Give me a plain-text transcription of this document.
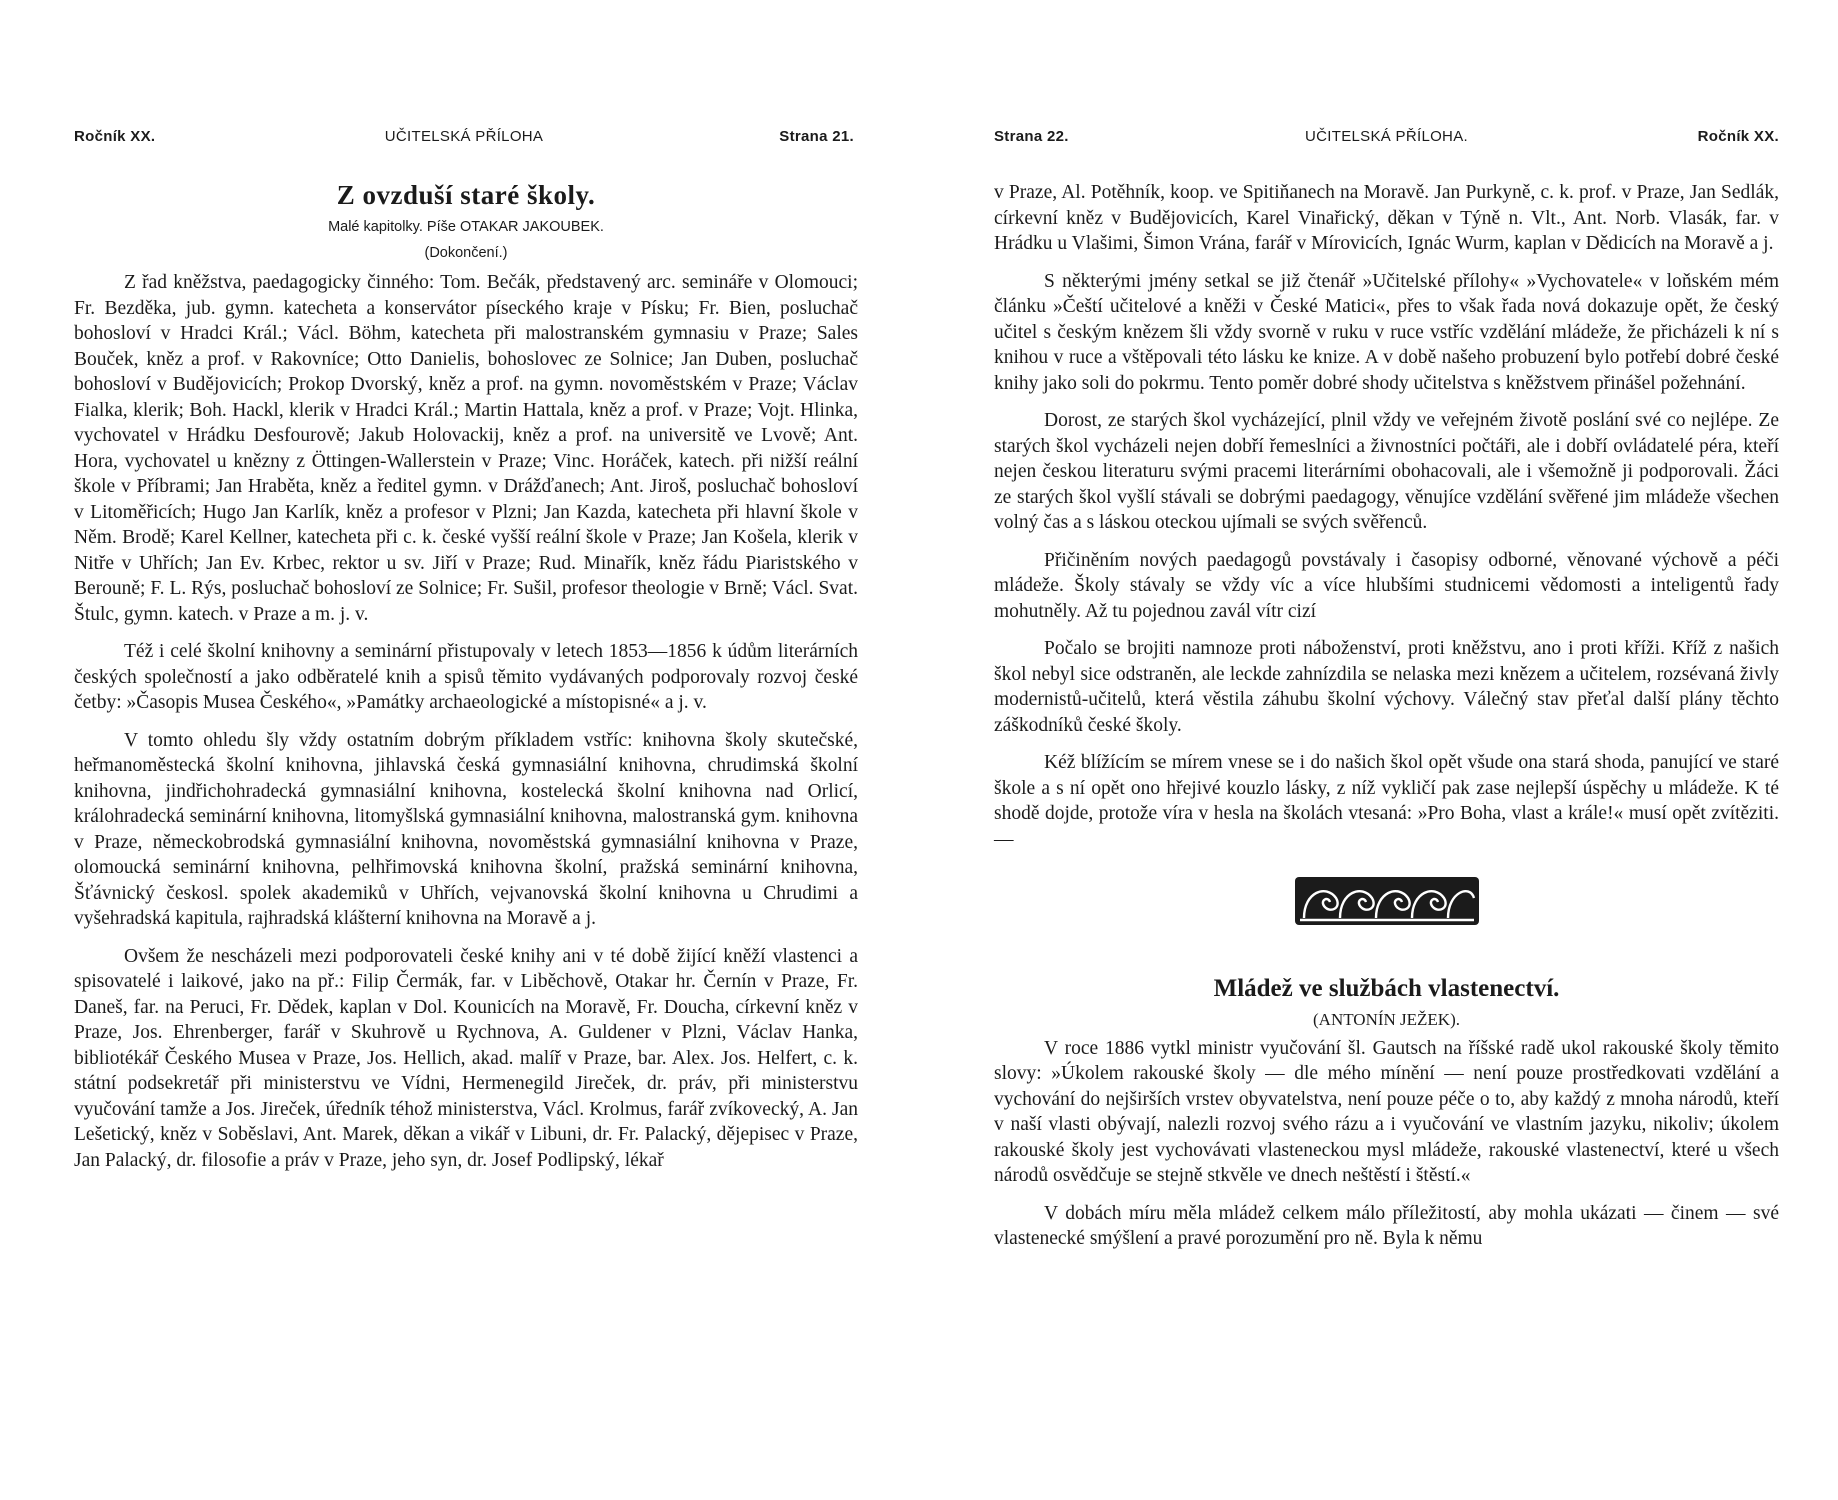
Ročník XX.	UČITELSKÁ PŘÍLOHA	Strana 21.
Z ovzduší staré školy.
Malé kapitolky. Píše OTAKAR JAKOUBEK.
(Dokončení.)

Z řad kněžstva, paedagogicky činného: Tom. Bečák, představený arc. semináře v Olomouci; Fr. Bezděka, jub. gymn. katecheta a konservátor píseckého kraje v Písku; Fr. Bien, posluchač bohosloví v Hradci Král.; Václ. Böhm, katecheta při malostranském gymnasiu v Praze; Sales Bouček, kněz a prof. v Rakovníce; Otto Danielis, bohoslovec ze Solnice; Jan Duben, posluchač bohosloví v Budějovicích; Prokop Dvorský, kněz a prof. na gymn. novoměstském v Praze; Václav Fialka, klerik; Boh. Hackl, klerik v Hradci Král.; Martin Hattala, kněz a prof. v Praze; Vojt. Hlinka, vychovatel v Hrádku Desfourově; Jakub Holovackij, kněz a prof. na universitě ve Lvově; Ant. Hora, vychovatel u knězny z Öttingen-Wallerstein v Praze; Vinc. Horáček, katech. při nižší reální škole v Příbrami; Jan Hraběta, kněz a ředitel gymn. v Drážďanech; Ant. Jiroš, posluchač bohosloví v Litoměřicích; Hugo Jan Karlík, kněz a profesor v Plzni; Jan Kazda, katecheta při hlavní škole v Něm. Brodě; Karel Kellner, katecheta při c. k. české vyšší reální škole v Praze; Jan Košela, klerik v Nitře v Uhřích; Jan Ev. Krbec, rektor u sv. Jiří v Praze; Rud. Minařík, kněz řádu Piaristského v Berouně; F. L. Rýs, posluchač bohosloví ze Solnice; Fr. Sušil, profesor theologie v Brně; Václ. Svat. Štulc, gymn. katech. v Praze a m. j. v.

Též i celé školní knihovny a seminární přistupovaly v letech 1853—1856 k údům literárních českých společností a jako odběratelé knih a spisů těmito vydávaných podporovaly rozvoj české četby: »Časopis Musea Českého«, »Památky archaeologické a místopisné« a j. v.

V tomto ohledu šly vždy ostatním dobrým příkladem vstříc: knihovna školy skutečské, heřmanoměstecká školní knihovna, jihlavská česká gymnasiální knihovna, chrudimská školní knihovna, jindřichohradecká gymnasiální knihovna, kostelecká školní knihovna nad Orlicí, králohradecká seminární knihovna, litomyšlská gymnasiální knihovna, malostranská gym. knihovna v Praze, německobrodská gymnasiální knihovna, novoměstská gymnasiální knihovna v Praze, olomoucká seminární knihovna, pelhřimovská knihovna školní, pražská seminární knihovna, Šťávnický českosl. spolek akademiků v Uhřích, vejvanovská školní knihovna u Chrudimi a vyšehradská kapitula, rajhradská klášterní knihovna na Moravě a j.

Ovšem že nescházeli mezi podporovateli české knihy ani v té době žijící kněží vlastenci a spisovatelé i laikové, jako na př.: Filip Čermák, far. v Liběchově, Otakar hr. Černín v Praze, Fr. Daneš, far. na Peruci, Fr. Dědek, kaplan v Dol. Kounicích na Moravě, Fr. Doucha, církevní kněz v Praze, Jos. Ehrenberger, farář v Skuhrově u Rychnova, A. Guldener v Plzni, Václav Hanka, bibliotékář Českého Musea v Praze, Jos. Hellich, akad. malíř v Praze, bar. Alex. Jos. Helfert, c. k. státní podsekretář při ministerstvu ve Vídni, Hermenegild Jireček, dr. práv, při ministerstvu vyučování tamže a Jos. Jireček, úředník téhož ministerstva, Václ. Krolmus, farář zvíkovecký, A. Jan Lešetický, kněz v Soběslavi, Ant. Marek, děkan a vikář v Libuni, dr. Fr. Palacký, dějepisec v Praze, Jan Palacký, dr. filosofie a práv v Praze, jeho syn, dr. Josef Podlipský, lékař

Strana 22.	UČITELSKÁ PŘÍLOHA.	Ročník XX.

v Praze, Al. Potěhník, koop. ve Spitiňanech na Moravě. Jan Purkyně, c. k. prof. v Praze, Jan Sedlák, církevní kněz v Budějovicích, Karel Vinařický, děkan v Týně n. Vlt., Ant. Norb. Vlasák, far. v Hrádku u Vlašimi, Šimon Vrána, farář v Mírovicích, Ignác Wurm, kaplan v Dědicích na Moravě a j.

S některými jmény setkal se již čtenář »Učitelské přílohy« »Vychovatele« v loňském mém článku »Čeští učitelové a kněži v České Matici«, přes to však řada nová dokazuje opět, že český učitel s českým knězem šli vždy svorně v ruku v ruce vstříc vzdělání mládeže, že přicházeli k ní s knihou v ruce a vštěpovali této lásku ke knize. A v době našeho probuzení bylo potřebí dobré české knihy jako soli do pokrmu. Tento poměr dobré shody učitelstva s kněžstvem přinášel požehnání.

Dorost, ze starých škol vycházející, plnil vždy ve veřejném životě poslání své co nejlépe. Ze starých škol vycházeli nejen dobří řemeslníci a živnostníci počtáři, ale i dobří ovládatelé péra, kteří nejen českou literaturu svými pracemi literárními obohacovali, ale i všemožně ji podporovali. Žáci ze starých škol vyšlí stávali se dobrými paedagogy, věnujíce vzdělání svěřené jim mládeže všechen volný čas a s láskou oteckou ujímali se svých svěřenců.

Přičiněním nových paedagogů povstávaly i časopisy odborné, věnované výchově a péči mládeže. Školy stávaly se vždy víc a více hlubšími studnicemi vědomosti a inteligentů řady mohutněly. Až tu pojednou zavál vítr cizí

Počalo se brojiti namnoze proti náboženství, proti kněžstvu, ano i proti kříži. Kříž z našich škol nebyl sice odstraněn, ale leckde zahnízdila se nelaska mezi knězem a učitelem, rozsévaná živly modernistů-učitelů, která věstila záhubu školní výchovy. Válečný stav přeťal další plány těchto záškodníků české školy.

Kéž blížícím se mírem vnese se i do našich škol opět všude ona stará shoda, panující ve staré škole a s ní opět ono hřejivé kouzlo lásky, z níž vykličí pak zase nejlepší úspěchy u mládeže. K té shodě dojde, protože víra v hesla na školách vtesaná: »Pro Boha, vlast a krále!« musí opět zvítěziti. —

Mládež ve službách vlastenectví.
(ANTONÍN JEŽEK).

V roce 1886 vytkl ministr vyučování šl. Gautsch na říšské radě ukol rakouské školy těmito slovy: »Úkolem rakouské školy — dle mého mínění — není pouze prostředkovati vzdělání a vychování do nejširších vrstev obyvatelstva, není pouze péče o to, aby každý z mnoha národů, kteří v naší vlasti obývají, nalezli rozvoj svého rázu a i vyučování ve vlastním jazyku, nikoliv; úkolem rakouské školy jest vychovávati vlasteneckou mysl mládeže, rakouské vlastenectví, které u všech národů osvědčuje se stejně stkvěle ve dnech neštěstí i štěstí.«

V dobách míru měla mládež celkem málo příležitostí, aby mohla ukázati — činem — své vlastenecké smýšlení a pravé porozumění pro ně. Byla k němu
